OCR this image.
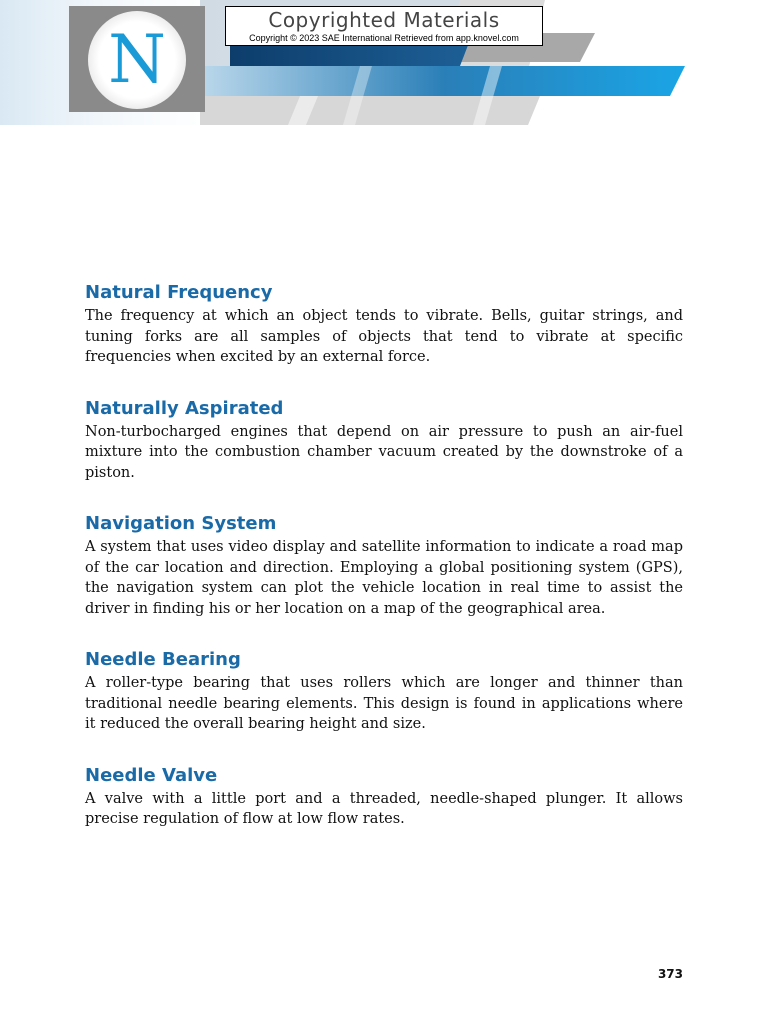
N
Copyrighted Materials
Copyright © 2023 SAE International Retrieved from app.knovel.com
Natural Frequency

The frequency at which an object tends to vibrate. Bells, guitar strings, and tuning forks are all samples of objects that tend to vibrate at specific frequencies when excited by an external force.

Naturally Aspirated

Non-turbocharged engines that depend on air pressure to push an air-fuel mixture into the combustion chamber vacuum created by the downstroke of a piston.

Navigation System

A system that uses video display and satellite information to indicate a road map of the car location and direction. Employing a global positioning system (GPS), the navigation system can plot the vehicle location in real time to assist the driver in finding his or her location on a map of the geographical area.

Needle Bearing

A roller-type bearing that uses rollers which are longer and thinner than traditional needle bearing elements. This design is found in applications where it reduced the overall bearing height and size.

Needle Valve

A valve with a little port and a threaded, needle-shaped plunger. It allows precise regulation of flow at low flow rates.

373
